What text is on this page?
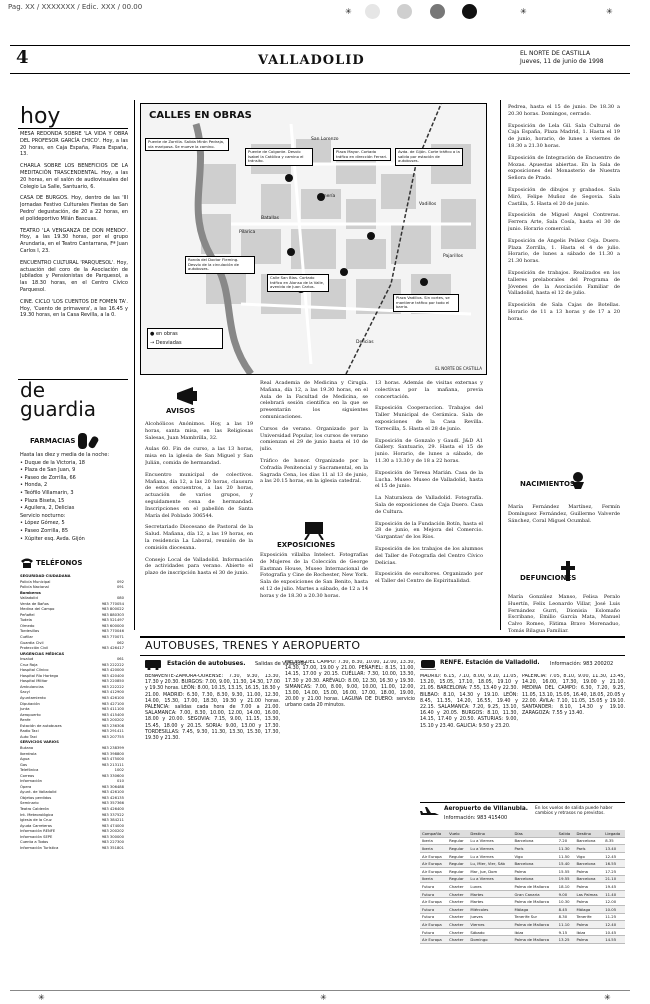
Pag. XX / XXXXXXX / Edic. XXX / 00.00	✳	✳	✳
4	VALLADOLID	EL NORTE DE CASTILLA
Jueves, 11 de junio de 1998
hoy

MESA REDONDA SOBRE 'LA VIDA Y OBRA DEL PROFESOR GARCÍA CHICO'. Hoy, a las 20 horas, en Caja España, Plaza España, 13.

CHARLA SOBRE LOS BENEFICIOS DE LA MEDITACIÓN TRASCENDENTAL. Hoy, a las 20 horas, en el salón de audiovisuales del Colegio La Salle, Santuario, 6.

CASA DE BURGOS. Hoy, dentro de las 'III Jornadas Festivo Culturales Fiestas de San Pedro' degustación, de 20 a 22 horas, en el polideportivo Milán Bascuas.

TEATRO 'LA VENGANZA DE DON MENDO'. Hoy, a las 19.30 horas, por el grupo Arundaria, en el Teatro Cantarrana, Fª Juan Carlos I, 23.

ENCUENTRO CULTURAL 'PARQUESOL'. Hoy, actuación del coro de la Asociación de Jubilados y Pensionistas de Parquesol, a las 18.30 horas, en el Centro Cívico Parquesol.

CINE. CICLO 'LOS CUENTOS DE FOMEN TA'. Hoy, 'Cuento de primavera', a las 16.45 y 19.30 horas, en la Casa Revilla, a la 0.

de
guardia
FARMACIAS
Hasta las diez y media de la noche:
• Duque de la Victoria, 18
• Plaza de San Juan, 9
• Paseo de Zorrilla, 66
• Honda, 2
• Teófilo Villamarin, 3
• Plaza Biseta, 15
• Aguilera, 2, Delicias
Servicio nocturno:
• López Gómez, 5
• Paseo Zorrilla, 85
• Xúpiter esq. Avda. Gijón
TELÉFONOS
SEGURIDAD CIUDADANA
Policía Municipal	092
Policía Nacional	091
Bomberos
Valladolid	080
Venta de Baños	983 770054
Medina del Campo	983 800022
Peñafiel	983 880303
Tudela	983 521497
Olmedo	983 600000
Tordesillas	983 770046
Cuéllar	983 770071
Guardia Civil	062
Protección Civil	983 426417
URGENCIAS MÉDICAS
Insalud	061
Cruz Roja	983 222222
Hospital Clínico	983 420000
Hospital Río Hortega	983 420400
Hospital Militar	983 220850
Ambulancias	983 222222
Sacyl	983 412900
Ayuntamiento	983 426100
Diputación	983 427100
Junta	983 411100
Aeropuerto	983 415400
Renfe	983 200202
Estación de autobuses	983 236308
Radio Taxi	983 291411
Auto Taxi	983 207755
SERVICIOS VARIOS
Butano	983 238399
Iberdrola	983 398800
Agua	983 475000
Gas	983 213111
Telefónica	1002
Correos	983 330600
Información	010
Ópera	983 306488
Ayunt. de Valladolid	983 426100
Objetos perdidos	983 426135
Seminario	983 357366
Teatro Calderón	983 426400
Int. Meteorológica	983 337522
Iglesia de la Cruz	983 384211
Ayuda Carreteras	983 474000
Información RENFE	983 200202
Información SEPE	983 300000
Cuenta a Todos	983 227300
Información Turística	983 351801
CALLES EN OBRAS
Puente de Zorrilla. Salida Mirón Pedraja, vía mariposa. Se mueve la camino.
Puente de Colgante. Desvío Isabel la Católica y camino el tránsito.
Plaza Mayor. Cortado tráfico en dirección Ferrari.
Avda. de Gijón. Corte tráfico a la salida por estación de autobuses.
Ronda del Doctor Fleming. Desvío de la circulación de autobuses.
Calle San Blas. Cortado tráfico en Alonso de la Valle, avenida de Juan Carlos.
Plaza Vadillos. Sin cortes, se mantiene tráfico por todo el barrio.
San Lorenzo
Tenería
Vadillos
Delicias
Pajarillos
Pilarica
Batallas
● en obras
→ Desviadas
EL NORTE DE CASTILLA
AVISOS

Alcohólicos Anónimos. Hoy, a las 19 horas, santa misa, en las Religiosas Salesas, Juan Mambrilla, 32.

Aulas 60. Fin de curso, a las 13 horas, misa en la iglesia de San Miguel y San Julián, comida de hermandad.

Encuentro municipal de colectivos. Mañana, día 12, a las 20 horas, clausura de estos encuentros, a las 20 horas, actuación de varios grupos, y seguidamente cena de hermandad. Inscripciones en el pabellón de Santa María del Poblado 306544.

Secretariado Diocesano de Pastoral de la Salud. Mañana, día 12, a las 19 horas, en la residencia La Laboral, reunión de la comisión diocesana.

Consejo Local de Valladolid. Información de actividades para verano. Abierto el plazo de inscripción hasta el 30 de junio.

Real Academia de Medicina y Cirugía. Mañana, día 12, a las 19.30 horas, en el Aula de la Facultad de Medicina, se celebrará sesión científica en la que se presentarán los siguientes comunicaciones.

Cursos de verano. Organizado por la Universidad Popular, los cursos de verano comienzan el 29 de junio hasta el 10 de julio.

Tráfico de honor. Organizado por la Cofradía Penitencial y Sacramental, en la Sagrada Cena, los días 11 al 13 de junio, a las 20.15 horas, en la iglesia catedral.

EXPOSICIONES
Exposición villalba Intelect. Fotografías de Mujeres de la Colección de George Eastman House, Museo Internacional de Fotografía y Cine de Rochester, New York. Sala de exposiciones de San Benito, hasta el 12 de julio. Martes a sábado, de 12 a 14 horas y de 18.30 a 20.30 horas.

13 horas. Además de visitas externas y colectivas por la mañana, previa concertación.

Exposición Cooperaccion. Trabajos del Taller Municipal de Cerámica. Sala de exposiciones de la Casa Revilla. Torrecilla, 5. Hasta el 28 de junio.

Exposición de Gonzalo y Gaudí. J&D A1 Gallery. Santuario, 29. Hasta el 15 de junio. Horario, de lunes a sábado, de 11.30 a 13.30 y de 18 a 22 horas.

Exposición de Teresa Marián. Casa de la Lucha. Museo Museo de Valladolid, hasta el 15 de junio.

La Naturaleza de Valladolid. Fotografía. Sala de exposiciones de Caja Duero. Casa de Cultura.

Exposición de la Fundación Botín, hasta el 28 de junio, en Mejora del Comercio. 'Gargantas' de los Ríos.

Exposición de los trabajos de los alumnos del Taller de Fotografía del Centro Cívico Delicias.

Exposición de escultores. Organizado por el Taller del Centro de Espiritualidad.

Pedrea, hasta el 15 de junio. De 18.30 a 20.30 horas. Domingos, cerrado.

Exposición de Lela Gil. Sala Cultural de Caja España, Plaza Madrid, 1. Hasta el 19 de junio, horario, de lunes a viernes de 18.30 a 21.30 horas.

Exposición de Integración de Encuentro de Mozas. Apuestas abiertas. En la Sala de exposiciones del Monasterio de Nuestra Señora de Prado.

Exposición de dibujos y grabados. Sala Miró, Felipe Muñoz de Segovia. Sala Castilla, 5. Hasta el 20 de junio.

Exposición de Miguel Angel Contreras. Ferrera Arte, Sala Cosía, hasta el 30 de junio. Horario comercial.

Exposición de Ángelis Peláez Ceja. Duero. Plaza Zorrilla, 1. Hasta el 4 de julio. Horario, de lunes a sábado de 11.30 a 21.30 horas.

Exposición de trabajos. Realizados en los talleres prelaborales del Programa de Jóvenes de la Asociación Familiar de Valladolid, hasta el 12 de julio.

Exposición de Sala Cajas de Botellas. Horario de 11 a 13 horas y de 17 a 20 horas.

NACIMIENTOS
María Fernández Martínez, Fermín Domínguez Fernández, Guillermo Valverde Sánchez, Coral Miguel Ocumbal.
DEFUNCIONES
María González Manso, Felisa Peralo Huertín, Felix Leonardo Villar, José Luis Fernández Gurri, Dionisia Eslomaño Escribano, Emilio García Mata, Manuel Calvo Romeo, Fátima Bravo Morenaduo, Tomás Bilagua Familiar.
AUTOBUSES, TRENES Y AEROPUERTO
Estación de autobuses. Salidas de Valladolid
BENAVENTE-ZAMORA-OURENSE: 7.30, 9.30, 13.30, 17.30 y 20.30. BURGOS: 7.00, 9.00, 11.30, 14.30, 17.00 y 19.30 horas. LEÓN: 8.00, 10.15, 13.15, 16.15, 18.30 y 21.00. MADRID: 6.30, 7.30, 8.30, 9.30, 11.00, 12.30, 14.00, 15.30, 17.00, 18.30, 19.30 y 21.00 horas. PALENCIA: salidas cada hora de 7.00 a 21.00. SALAMANCA: 7.00, 8.30, 10.00, 12.00, 14.00, 16.00, 18.00 y 20.00. SEGOVIA: 7.15, 9.00, 11.15, 13.30, 15.45, 18.00 y 20.15. SORIA: 9.00, 13.00 y 17.30. TORDESILLAS: 7.45, 9.30, 11.30, 13.30, 15.30, 17.30, 19.30 y 21.30.
MEDINA DEL CAMPO: 7.30, 8.30, 10.00, 12.00, 13.30, 14.30, 17.00, 19.00 y 21.00. PEÑAFIEL: 8.15, 11.00, 14.15, 17.00 y 20.15. CUÉLLAR: 7.30, 10.00, 13.30, 17.30 y 20.30. ARÉVALO: 8.00, 12.30, 16.30 y 19.30. SIMANCAS: 7.00, 8.00, 9.00, 10.00, 11.00, 12.00, 13.00, 14.00, 15.00, 16.00, 17.00, 18.00, 19.00, 20.00 y 21.00 horas. LAGUNA DE DUERO: servicio urbano cada 20 minutos.
RENFE. Estación de Valladolid. Información: 983 200202
MADRID: 6.15, 7.10, 8.00, 9.10, 11.05, 13.20, 15.05, 17.10, 18.05, 19.10 y 21.05. BARCELONA: 7.55, 13.40 y 22.30. BILBAO: 8.10, 14.30 y 19.10. LEÓN: 8.45, 11.35, 14.20, 16.55, 19.40 y 22.15. SALAMANCA: 7.20, 9.25, 13.10, 16.40 y 20.05. BURGOS: 8.10, 11.30, 14.15, 17.40 y 20.50. ASTURIAS: 9.00, 15.10 y 23.40. GALICIA: 9.50 y 23.20.
PALENCIA: 7.05, 8.10, 9.00, 11.30, 13.45, 14.20, 16.00, 17.30, 19.00 y 21.10. MEDINA DEL CAMPO: 6.30, 7.20, 9.25, 11.05, 13.10, 15.05, 16.40, 18.05, 20.05 y 22.00. ÁVILA: 7.10, 11.05, 15.05 y 19.10. SANTANDER: 8.10, 14.30 y 19.10. ZARAGOZA: 7.55 y 13.40.
Aeropuerto de Villanubla.
Información: 983 415400
En los vuelos de salida puede haber cambios y retrasos no previstos.
Compañía	Vuelo	Destino	Días	Salida	Destino	Llegada
Iberia	Regular	Lu a Viernes	Barcelona	7.20	Barcelona	8.35
Iberia	Regular	Lu a Viernes	París	11.30	París	13.40
Air Europa	Regular	Lu a Viernes	Vigo	11.50	Vigo	12.45
Air Europa	Regular	Lu, Mier, Vier, Sáb	Barcelona	15.40	Barcelona	16.55
Air Europa	Regular	Mar, Jue, Dom	Palma	15.55	Palma	17.25
Iberia	Regular	Lu a Viernes	Barcelona	19.55	Barcelona	21.10
Futura	Charter	Lunes	Palma de Mallorca	18.10	Palma	19.45
Futura	Charter	Martes	Gran Canaria	9.00	Las Palmas	11.40
Air Europa	Charter	Martes	Palma de Mallorca	10.30	Palma	12.00
Futura	Charter	Miércoles	Málaga	8.45	Málaga	10.05
Futura	Charter	Jueves	Tenerife Sur	8.30	Tenerife	11.25
Air Europa	Charter	Viernes	Palma de Mallorca	11.10	Palma	12.40
Futura	Charter	Sábado	Ibiza	9.15	Ibiza	10.45
Air Europa	Charter	Domingo	Palma de Mallorca	13.25	Palma	14.55
✳	✳	✳
